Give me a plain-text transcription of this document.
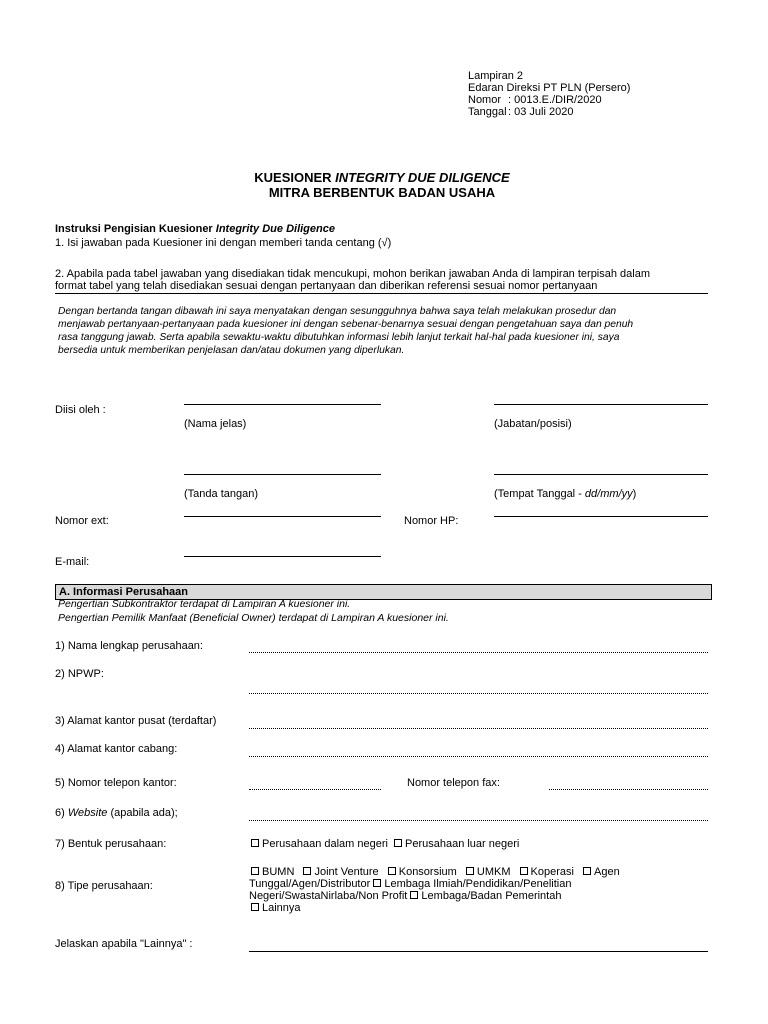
Lampiran 2
Edaran Direksi PT PLN (Persero)
Nomor : 0013.E./DIR/2020
Tanggal: 03 Juli 2020
KUESIONER INTEGRITY DUE DILIGENCE
MITRA BERBENTUK BADAN USAHA
Instruksi Pengisian Kuesioner Integrity Due Diligence
1. Isi jawaban pada Kuesioner ini dengan memberi tanda centang (√)
2. Apabila pada tabel jawaban yang disediakan tidak mencukupi, mohon berikan jawaban Anda di lampiran terpisah dalam
format tabel yang telah disediakan sesuai dengan pertanyaan dan diberikan referensi sesuai nomor pertanyaan
Dengan bertanda tangan dibawah ini saya menyatakan dengan sesungguhnya bahwa saya telah melakukan prosedur dan
menjawab pertanyaan-pertanyaan pada kuesioner ini dengan sebenar-benarnya sesuai dengan pengetahuan saya dan penuh
rasa tanggung jawab. Serta apabila sewaktu-waktu dibutuhkan informasi lebih lanjut terkait hal-hal pada kuesioner ini, saya
bersedia untuk memberikan penjelasan dan/atau dokumen yang diperlukan.
Diisi oleh :
(Nama jelas)	(Jabatan/posisi)
(Tanda tangan)	(Tempat Tanggal - dd/mm/yy)
Nomor ext:	Nomor HP:
E-mail:
A. Informasi Perusahaan
Pengertian Subkontraktor terdapat di Lampiran A kuesioner ini.
Pengertian Pemilik Manfaat (Beneficial Owner) terdapat di Lampiran A kuesioner ini.
1) Nama lengkap perusahaan:
2) NPWP:
3) Alamat kantor pusat (terdaftar)
4) Alamat kantor cabang:
5) Nomor telepon kantor:	Nomor telepon fax:
6) Website (apabila ada);
7) Bentuk perusahaan:	Perusahaan dalam negeri Perusahaan luar negeri
8) Tipe perusahaan:
BUMN Joint Venture Konsorsium UMKM Koperasi Agen
Tunggal/Agen/Distributor Lembaga Ilmiah/Pendidikan/Penelitian
Negeri/SwastaNirlaba/Non Profit Lembaga/Badan Pemerintah
Lainnya
Jelaskan apabila "Lainnya" :
